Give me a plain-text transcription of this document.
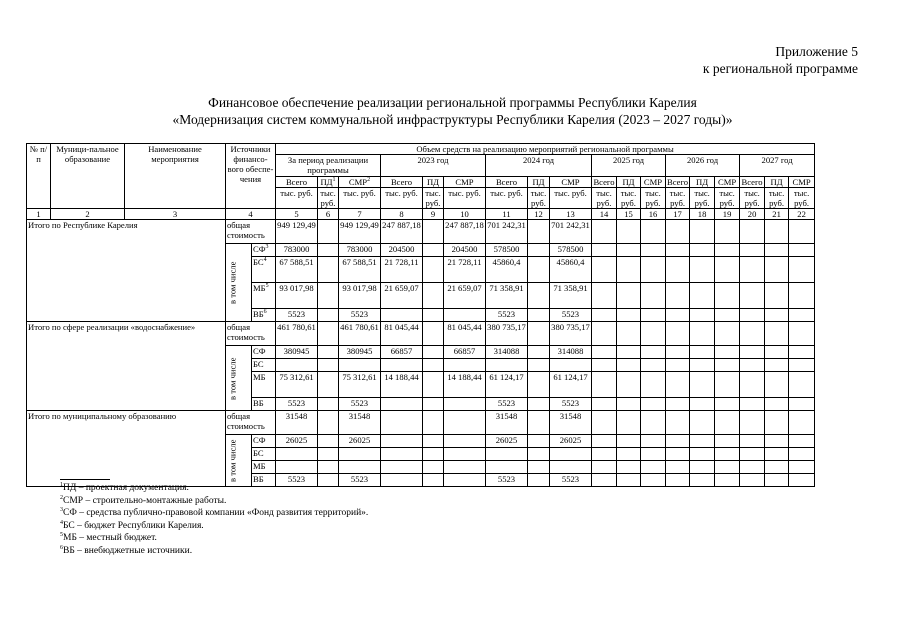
Приложение 5
к региональной программе
Финансовое обеспечение реализации региональной программы Республики Карелия
«Модернизация систем коммунальной инфраструктуры Республики Карелия (2023 – 2027 годы)»
№ п/п	Муници-пальное образование	Наименование мероприятия	Источники финансо-вого обеспе-чения		Объем средств на реализацию мероприятий региональной программы																	
					За период реализации программы			2023 год			2024 год			2025 год			2026 год			2027 год		
					Всего	$ПД^1$	СМР$^2$	Всего	ПД	СМР	Всего	ПД	СМР	Всего	ПД	СМР	Всего	ПД	СМР	Всего	ПД	СМР
					тыс. руб.	тыс. руб.	тыс. руб.	тыс. руб.	тыс. руб.	тыс. руб.	тыс. руб.	тыс. руб.	тыс. руб.	тыс. руб.	тыс. руб.	тыс. руб.	тыс. руб.	тыс. руб.	тыс. руб.	тыс. руб.	тыс. руб.	тыс. руб.
1	2	3	4		5	6	7	8	9	10	11	12	13	14	15	16	17	18	19	20	21	22
Итого по Республике Карелия			общая стоимость		949 129,49		949 129,49	247 887,18		247 887,18	701 242,31		701 242,31									
			в том числе	$СФ^3$	783000		783000	204500		204500	578500		578500									
				$БС^4$	67 588,51		67 588,51	21 728,11		21 728,11	45860,4		45860,4									
				$МБ^5$	93 017,98		93 017,98	21 659,07		21 659,07	71 358,91		71 358,91									
				$ВБ^6$	5523		5523				5523		5523									
Итого по сфере реализации «водоснабжение»			общая стоимость		461 780,61		461 780,61	81 045,44		81 045,44	380 735,17		380 735,17									
			в том числе	СФ	380945		380945	66857		66857	314088		314088									
				БС																		
				МБ	75 312,61		75 312,61	14 188,44		14 188,44	61 124,17		61 124,17									
				ВБ	5523		5523				5523		5523									
Итого по муниципальному образованию			общая стоимость		31548		31548				31548		31548									
			в том числе	СФ	26025		26025				26025		26025									
				БС																		
				МБ																		
				ВБ	5523		5523				5523		5523									
$^1$ПД – проектная документация.
$^2$СМР – строительно-монтажные работы.
$^3$СФ – средства публично-правовой компании «Фонд развития территорий».
$^4$БС – бюджет Республики Карелия.
$^5$МБ – местный бюджет.
$^6$ВБ – внебюджетные источники.
